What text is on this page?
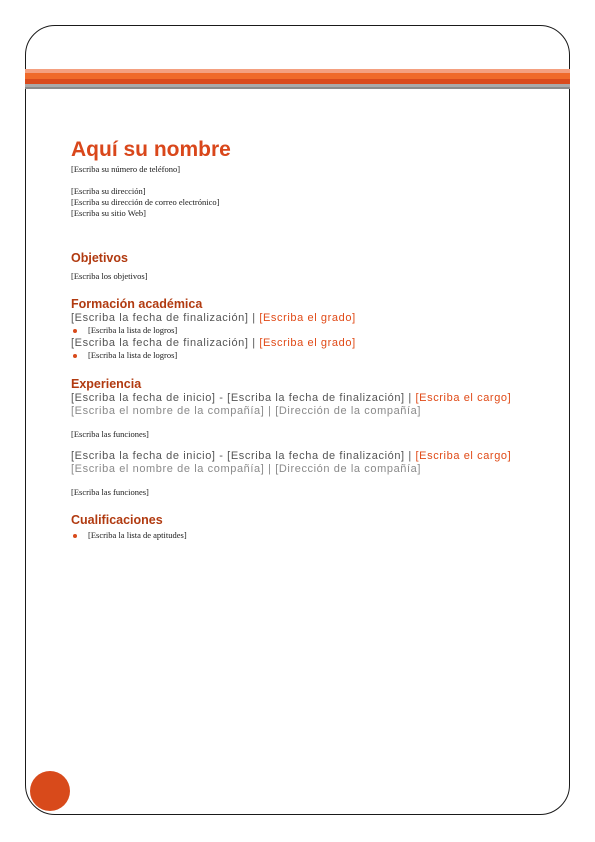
Aquí su nombre
[Escriba su número de teléfono]
[Escriba su dirección]
[Escriba su dirección de correo electrónico]
[Escriba su sitio Web]
Objetivos
[Escriba los objetivos]
Formación académica
[Escriba la fecha de finalización] | [Escriba el grado]
[Escriba la lista de logros]
[Escriba la fecha de finalización] | [Escriba el grado]
[Escriba la lista de logros]
Experiencia
[Escriba la fecha de inicio] - [Escriba la fecha de finalización] | [Escriba el cargo]
[Escriba el nombre de la compañía] | [Dirección de la compañía]
[Escriba las funciones]
[Escriba la fecha de inicio] - [Escriba la fecha de finalización] | [Escriba el cargo]
[Escriba el nombre de la compañía] | [Dirección de la compañía]
[Escriba las funciones]
Cualificaciones
[Escriba la lista de aptitudes]
